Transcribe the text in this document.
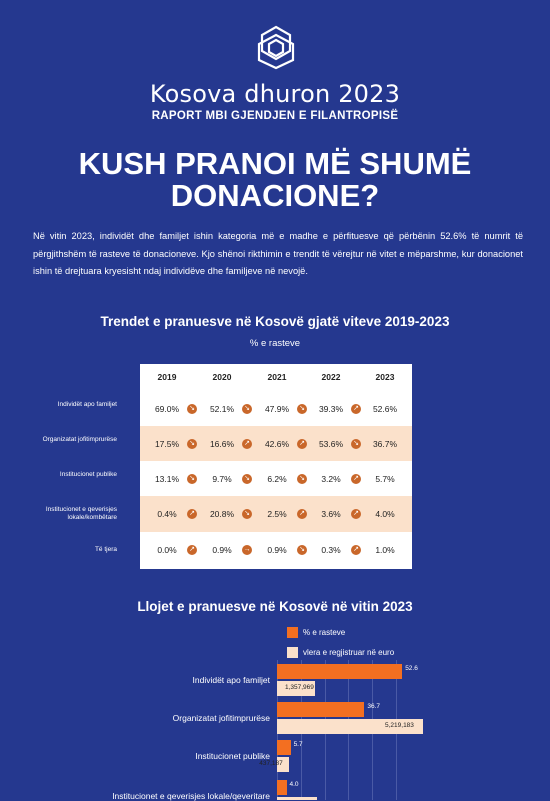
Kosova dhuron 2023
RAPORT MBI GJENDJEN E FILANTROPISË
KUSH PRANOI MË SHUMË
DONACIONE?
Në vitin 2023, individët dhe familjet ishin kategoria më e madhe e përfituesve që përbënin 52.6% të numrit të përgjithshëm të rasteve të donacioneve. Kjo shënoi rikthimin e trendit të vërejtur në vitet e mëparshme, kur donacionet ishin të drejtuara kryesisht ndaj individëve dhe familjeve në nevojë.
Trendet e pranuesve në Kosovë gjatë viteve 2019-2023
% e rasteve
2019	2020	2021	2022	2023
Individët apo familjet	69.0%	52.1%	47.9%	39.3%	52.6%
↘	↘	↘	↗
Organizatat jofitimprurëse	17.5%	16.6%	42.6%	53.6%	36.7%
↘	↗	↗	↘
Institucionet publike	13.1%	9.7%	6.2%	3.2%	5.7%
↘	↘	↘	↗
Institucionet e qeverisjes lokale/kombëtare	0.4%	20.8%	2.5%	3.6%	4.0%
↗	↘	↗	↗
Të tjera	0.0%	0.9%	0.9%	0.3%	1.0%
↗	→	↘	↗
Llojet e pranuesve në Kosovë në vitin 2023
% e rasteve
vlera e regjistruar në euro
Individët apo familjet
52.6
1,357,969
Organizatat jofitimprurëse
36.7
5,219,183
Institucionet publike
5.7
437,187
Institucionet e qeverisjes lokale/qeveritare
4.0
